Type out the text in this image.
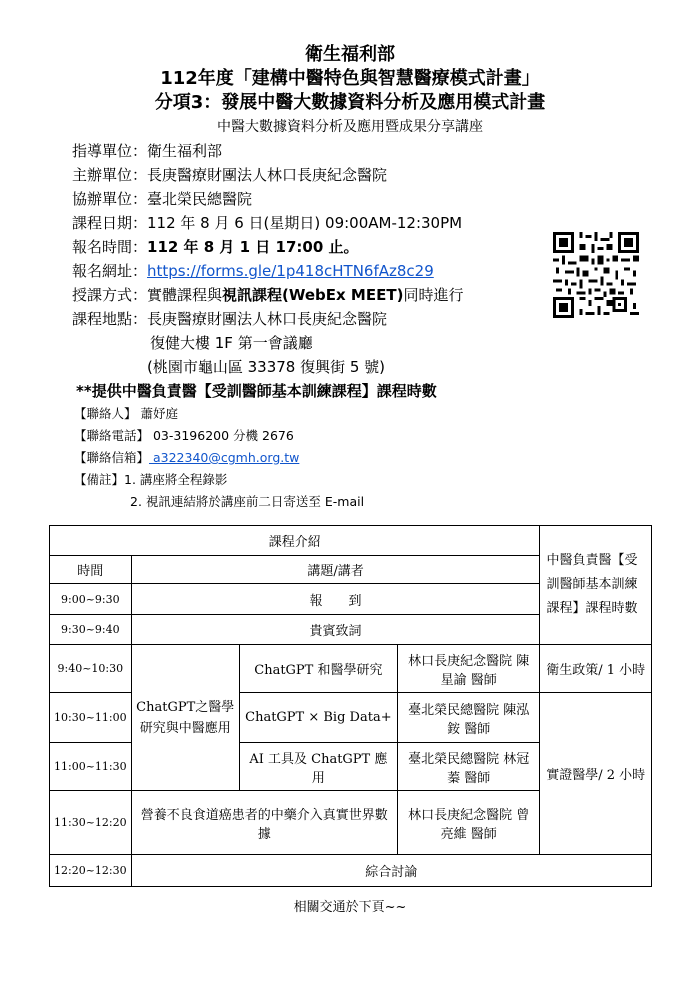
衛生福利部
112年度「建構中醫特色與智慧醫療模式計畫」
分項3：發展中醫大數據資料分析及應用模式計畫
中醫大數據資料分析及應用暨成果分享講座
指導單位：衛生福利部
主辦單位：長庚醫療財團法人林口長庚紀念醫院
協辦單位：臺北榮民總醫院
課程日期：112 年 8 月 6 日(星期日) 09:00AM-12:30PM
報名時間：112 年 8 月 1 日 17:00 止。
報名網址：https://forms.gle/1p418cHTN6fAz8c29
授課方式：實體課程與視訊課程(WebEx MEET)同時進行
課程地點：長庚醫療財團法人林口長庚紀念醫院
復健大樓 1F 第一會議廳
(桃園市龜山區 33378 復興街 5 號)
**提供中醫負責醫【受訓醫師基本訓練課程】課程時數
【聯絡人】 蕭妤庭
【聯絡電話】 03-3196200 分機 2676
【聯絡信箱】 a322340@cgmh.org.tw
【備註】1. 講座將全程錄影
2. 視訊連結將於講座前二日寄送至 E-mail
課程介紹				中醫負責醫【受訓醫師基本訓練課程】課程時數
時間	講題/講者			
9:00~9:30	報　　到			
9:30~9:40	貴賓致詞			
9:40~10:30	ChatGPT之醫學研究與中醫應用	ChatGPT 和醫學研究	林口長庚紀念醫院 陳星諭 醫師	衛生政策/ 1 小時
10:30~11:00		ChatGPT × Big Data+	臺北榮民總醫院 陳泓銨 醫師	實證醫學/ 2 小時
11:00~11:30		AI 工具及 ChatGPT 應用	臺北榮民總醫院 林冠蓁 醫師	
11:30~12:20	營養不良食道癌患者的中藥介入真實世界數據		林口長庚紀念醫院 曾亮維 醫師	
12:20~12:30	綜合討論			
相關交通於下頁~~
